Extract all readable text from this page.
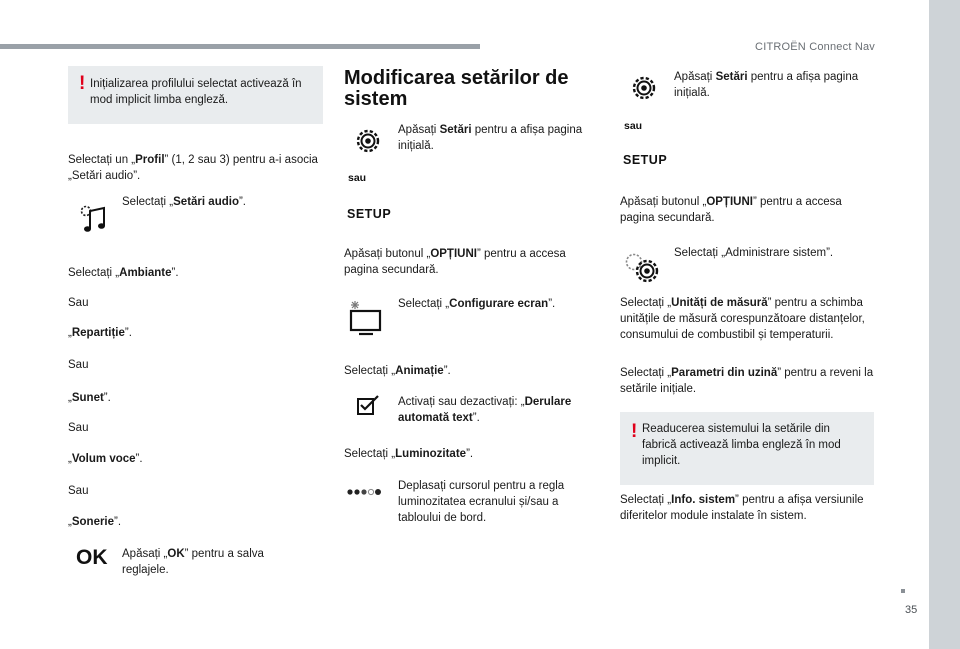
CITROËN Connect Nav
35
! Inițializarea profilului selectat activează în mod implicit limba engleză.

Selectați un „Profil” (1, 2 sau 3) pentru a-i asocia „Setări audio”.

Selectați „Setări audio”.

Selectați „Ambiante”.

Sau

„Repartiție”.

Sau

„Sunet”.

Sau

„Volum voce”.

Sau

„Sonerie”.

OK Apăsați „OK” pentru a salva reglajele.

Modificarea setărilor de sistem

Apăsați Setări pentru a afișa pagina inițială.

sau
SETUP

Apăsați butonul „OPȚIUNI” pentru a accesa pagina secundară.

Selectați „Configurare ecran”.

Selectați „Animație”.

Activați sau dezactivați: „Derulare automată text”.

Selectați „Luminozitate”.

Deplasați cursorul pentru a regla luminozitatea ecranului și/sau a tabloului de bord.

Apăsați Setări pentru a afișa pagina inițială.

sau
SETUP

Apăsați butonul „OPȚIUNI” pentru a accesa pagina secundară.

Selectați „Administrare sistem”.

Selectați „Unități de măsură” pentru a schimba unitățile de măsură corespunzătoare distanțelor, consumului de combustibil și temperaturii.

Selectați „Parametri din uzină” pentru a reveni la setările inițiale.

! Readucerea sistemului la setările din fabrică activează limba engleză în mod implicit.

Selectați „Info. sistem” pentru a afișa versiunile diferitelor module instalate în sistem.
